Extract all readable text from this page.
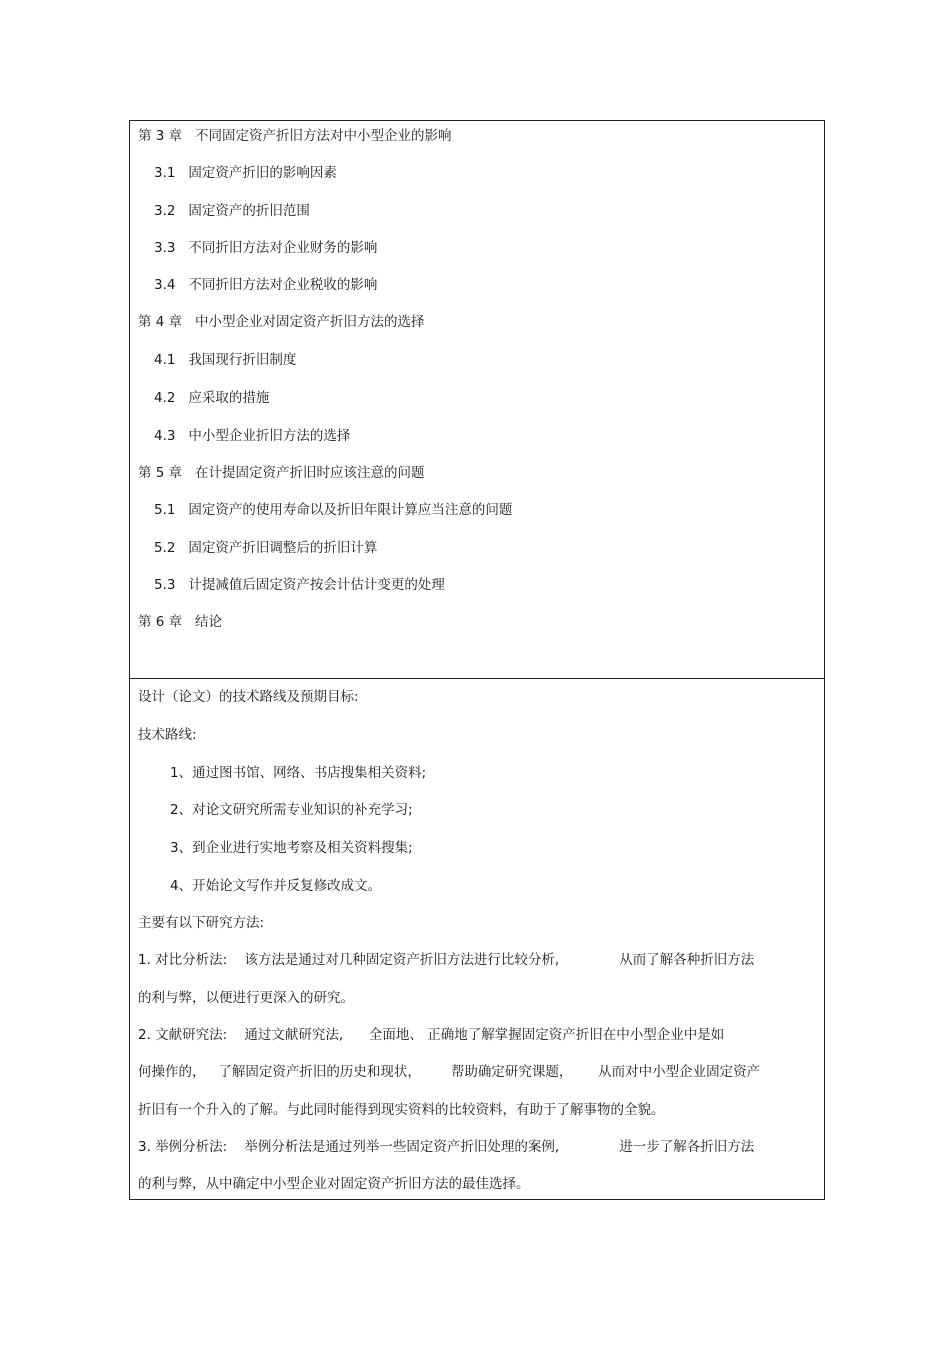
第 3 章   不同固定资产折旧方法对中小型企业的影响
3.1   固定资产折旧的影响因素
3.2   固定资产的折旧范围
3.3   不同折旧方法对企业财务的影响
3.4   不同折旧方法对企业税收的影响
第 4 章   中小型企业对固定资产折旧方法的选择
4.1   我国现行折旧制度
4.2   应采取的措施
4.3   中小型企业折旧方法的选择
第 5 章   在计提固定资产折旧时应该注意的问题
5.1   固定资产的使用寿命以及折旧年限计算应当注意的问题
5.2   固定资产折旧调整后的折旧计算
5.3   计提减值后固定资产按会计估计变更的处理
第 6 章   结论
设计（论文）的技术路线及预期目标:
技术路线:
1、通过图书馆、网络、书店搜集相关资料;
2、对论文研究所需专业知识的补充学习;
3、到企业进行实地考察及相关资料搜集;
4、开始论文写作并反复修改成文。
主要有以下研究方法:
1. 对比分析法:    该方法是通过对几种固定资产折旧方法进行比较分析,              从而了解各种折旧方法
的利与弊，以便进行更深入的研究。
2. 文献研究法:    通过文献研究法,      全面地、 正确地了解掌握固定资产折旧在中小型企业中是如
何操作的，   了解固定资产折旧的历史和现状，       帮助确定研究课题，      从而对中小型企业固定资产
折旧有一个升入的了解。与此同时能得到现实资料的比较资料，有助于了解事物的全貌。
3. 举例分析法:    举例分析法是通过列举一些固定资产折旧处理的案例,              进一步了解各折旧方法
的利与弊，从中确定中小型企业对固定资产折旧方法的最佳选择。
